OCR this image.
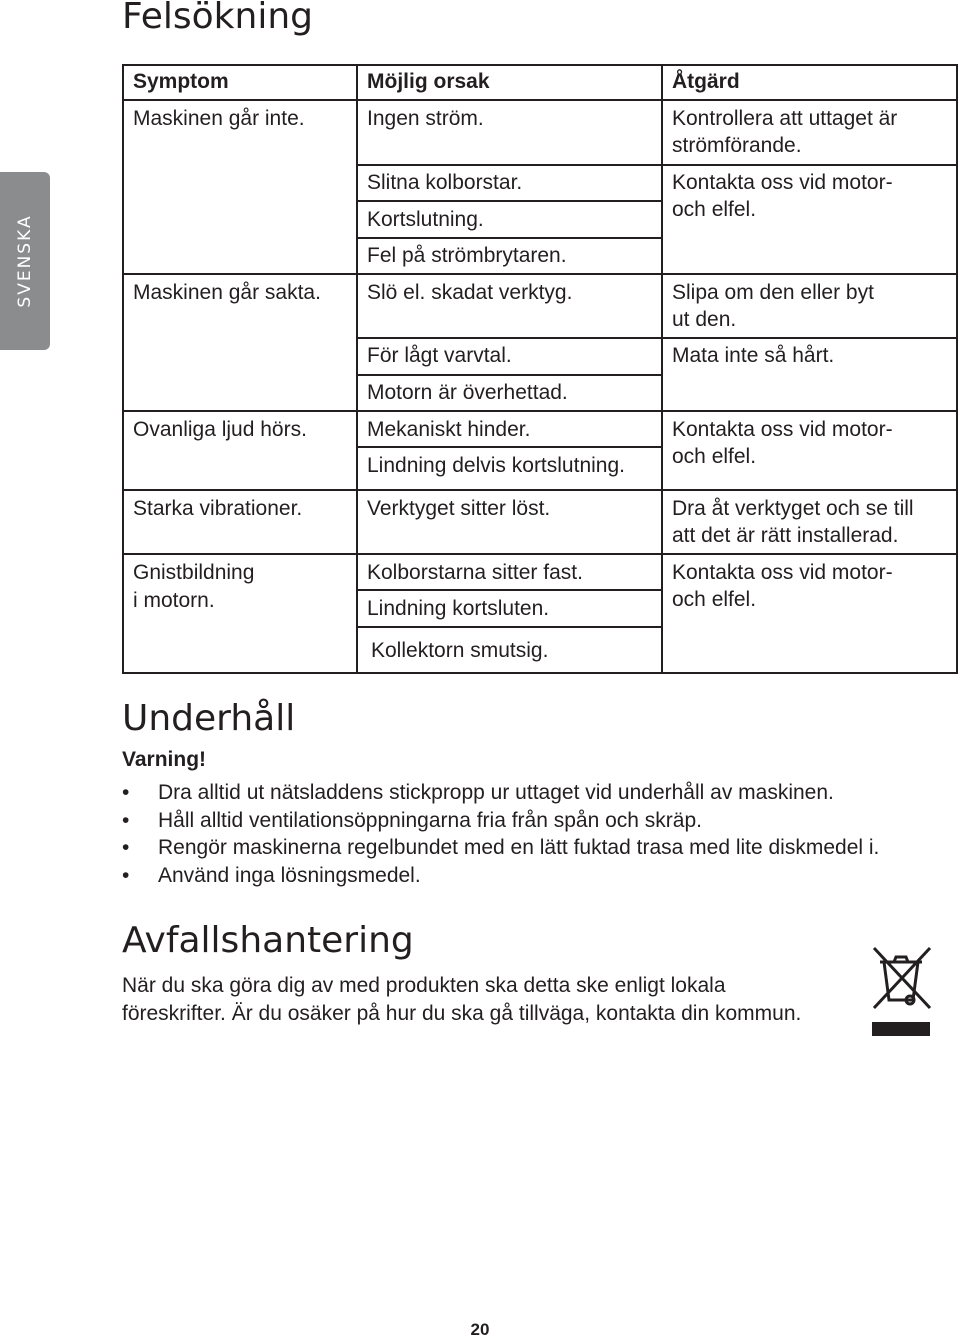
SVENSKA
Felsökning
Symptom	Möjlig orsak	Åtgärd
Maskinen går inte.
Maskinen går sakta.
Ovanliga ljud hörs.
Starka vibrationer.
Gnistbildning
i motorn.
Ingen ström.
Slitna kolborstar.
Kortslutning.
Fel på strömbrytaren.
Slö el. skadat verktyg.
För lågt varvtal.
Motorn är överhettad.
Mekaniskt hinder.
Lindning delvis kortslutning.
Verktyget sitter löst.
Kolborstarna sitter fast.
Lindning kortsluten.
Kollektorn smutsig.
Kontrollera att uttaget är
strömförande.
Kontakta oss vid motor-
och elfel.
Slipa om den eller byt
ut den.
Mata inte så hårt.
Kontakta oss vid motor-
och elfel.
Dra åt verktyget och se till
att det är rätt installerad.
Kontakta oss vid motor-
och elfel.
Underhåll
Varning!
• Dra alltid ut nätsladdens stickpropp ur uttaget vid underhåll av maskinen.
• Håll alltid ventilationsöppningarna fria från spån och skräp.
• Rengör maskinerna regelbundet med en lätt fuktad trasa med lite diskmedel i.
• Använd inga lösningsmedel.
Avfallshantering
När du ska göra dig av med produkten ska detta ske enligt lokala
föreskrifter. Är du osäker på hur du ska gå tillväga, kontakta din kommun.
20
